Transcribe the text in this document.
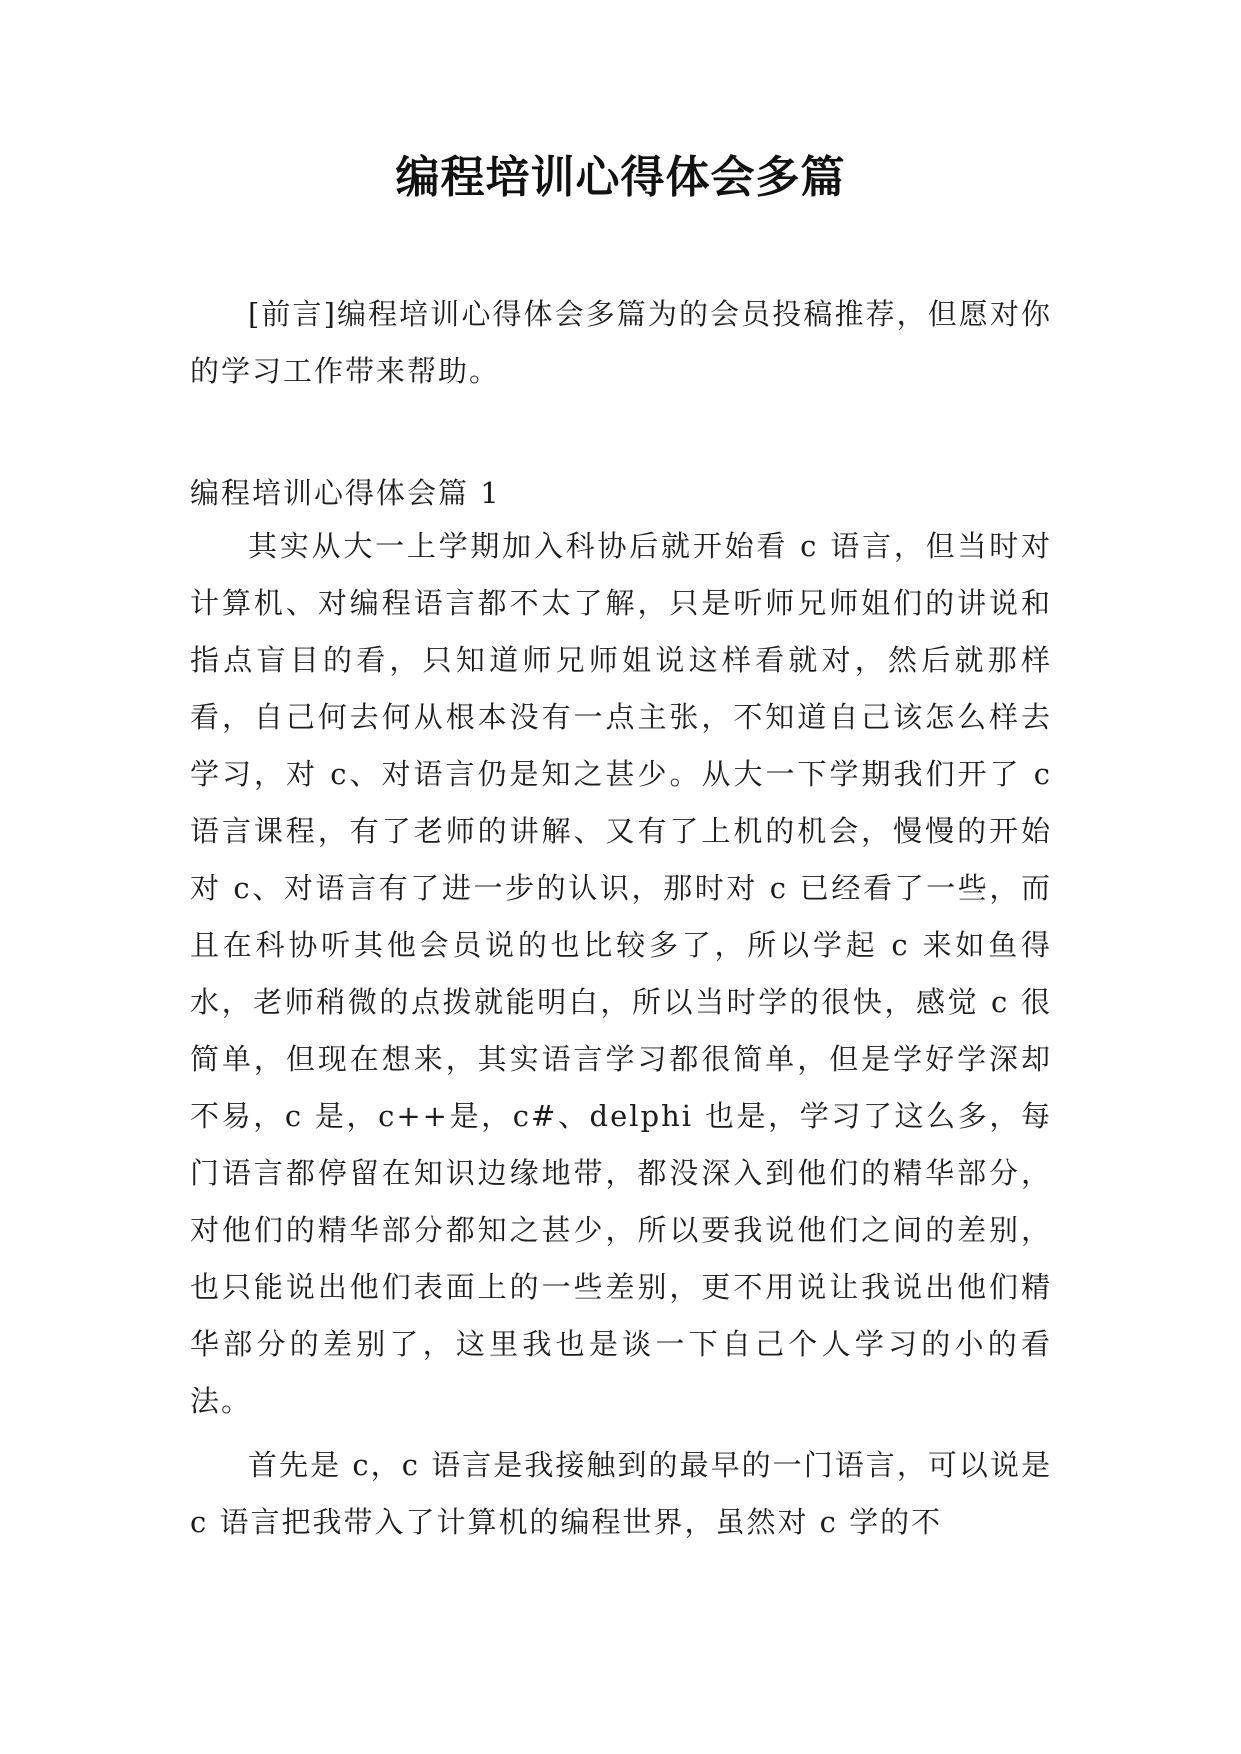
编程培训心得体会多篇

[前言]编程培训心得体会多篇为的会员投稿推荐，但愿对你的学习工作带来帮助。

编程培训心得体会篇 1

其实从大一上学期加入科协后就开始看 c 语言，但当时对计算机、对编程语言都不太了解，只是听师兄师姐们的讲说和指点盲目的看，只知道师兄师姐说这样看就对，然后就那样看，自己何去何从根本没有一点主张，不知道自己该怎么样去学习，对 c、对语言仍是知之甚少。从大一下学期我们开了 c 语言课程，有了老师的讲解、又有了上机的机会，慢慢的开始对 c、对语言有了进一步的认识，那时对 c 已经看了一些，而且在科协听其他会员说的也比较多了，所以学起 c 来如鱼得水，老师稍微的点拨就能明白，所以当时学的很快，感觉 c 很简单，但现在想来，其实语言学习都很简单，但是学好学深却不易，c 是，c++是，c#、delphi 也是，学习了这么多，每门语言都停留在知识边缘地带，都没深入到他们的精华部分，对他们的精华部分都知之甚少，所以要我说他们之间的差别，也只能说出他们表面上的一些差别，更不用说让我说出他们精华部分的差别了，这里我也是谈一下自己个人学习的小的看法。

首先是 c，c 语言是我接触到的最早的一门语言，可以说是 c 语言把我带入了计算机的编程世界，虽然对 c 学的不
